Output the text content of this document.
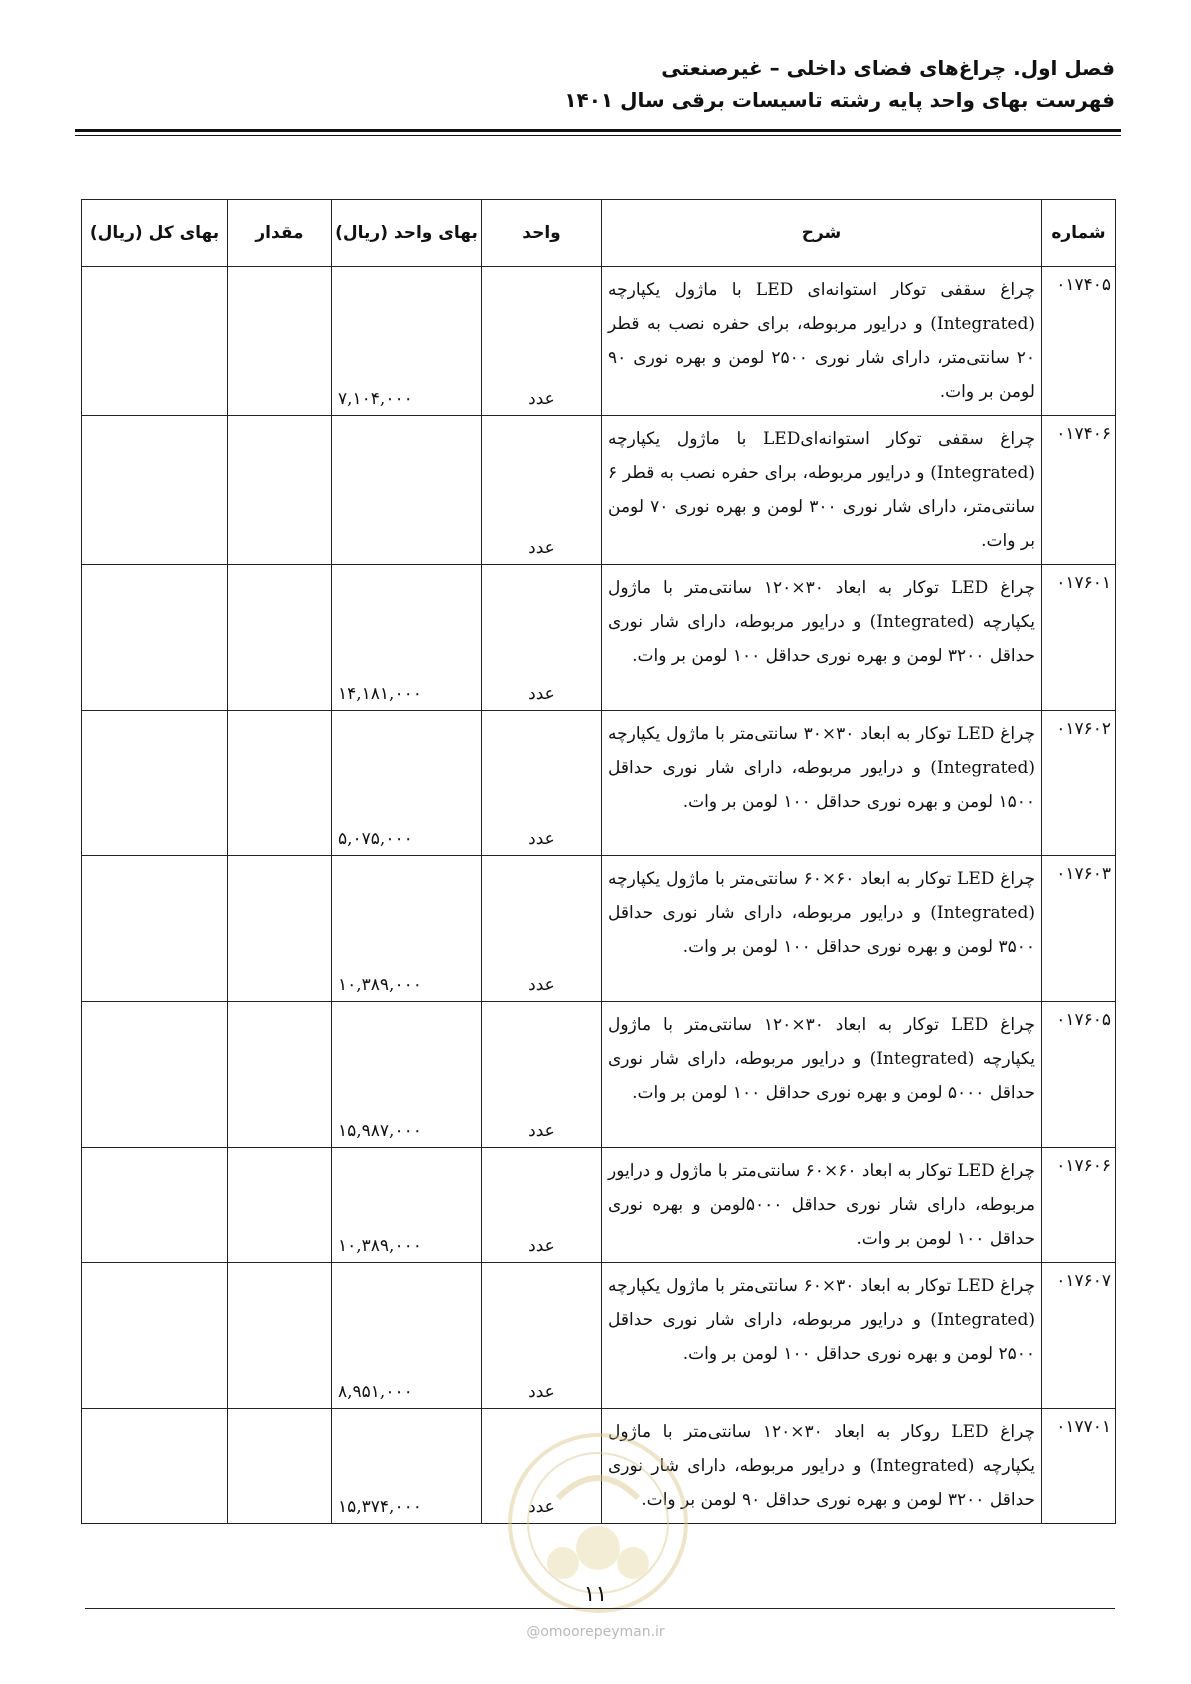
فصل اول. چراغ‌های فضای داخلی – غیرصنعتی

فهرست بهای واحد پایه رشته تاسیسات برقی سال ۱۴۰۱

شماره	شرح	واحد	بهای واحد (ریال)	مقدار	بهای کل (ریال)
۰۱۷۴۰۵	چراغ سقفی توکار استوانه‌ای LED با ماژول یکپارچه (Integrated) و درایور مربوطه، برای حفره نصب به قطر ۲۰ سانتی‌متر، دارای شار نوری ۲۵۰۰ لومن و بهره نوری ۹۰ لومن بر وات.	عدد	۷,۱۰۴,۰۰۰		
۰۱۷۴۰۶	چراغ سقفی توکار استوانه‌ایLED با ماژول یکپارچه (Integrated) و درایور مربوطه، برای حفره نصب به قطر ۶ سانتی‌متر، دارای شار نوری ۳۰۰ لومن و بهره نوری ۷۰ لومن بر وات.	عدد			
۰۱۷۶۰۱	چراغ LED توکار به ابعاد ۳۰×۱۲۰ سانتی‌متر با ماژول یکپارچه (Integrated) و درایور مربوطه، دارای شار نوری حداقل ۳۲۰۰ لومن و بهره نوری حداقل ۱۰۰ لومن بر وات.	عدد	۱۴,۱۸۱,۰۰۰		
۰۱۷۶۰۲	چراغ LED توکار به ابعاد ۳۰×۳۰ سانتی‌متر با ماژول یکپارچه (Integrated) و درایور مربوطه، دارای شار نوری حداقل ۱۵۰۰ لومن و بهره نوری حداقل ۱۰۰ لومن بر وات.	عدد	۵,۰۷۵,۰۰۰		
۰۱۷۶۰۳	چراغ LED توکار به ابعاد ۶۰×۶۰ سانتی‌متر با ماژول یکپارچه (Integrated) و درایور مربوطه، دارای شار نوری حداقل ۳۵۰۰ لومن و بهره نوری حداقل ۱۰۰ لومن بر وات.	عدد	۱۰,۳۸۹,۰۰۰		
۰۱۷۶۰۵	چراغ LED توکار به ابعاد ۳۰×۱۲۰ سانتی‌متر با ماژول یکپارچه (Integrated) و درایور مربوطه، دارای شار نوری حداقل ۵۰۰۰ لومن و بهره نوری حداقل ۱۰۰ لومن بر وات.	عدد	۱۵,۹۸۷,۰۰۰		
۰۱۷۶۰۶	چراغ LED توکار به ابعاد ۶۰×۶۰ سانتی‌متر با ماژول و درایور مربوطه، دارای شار نوری حداقل ۵۰۰۰لومن و بهره نوری حداقل ۱۰۰ لومن بر وات.	عدد	۱۰,۳۸۹,۰۰۰		
۰۱۷۶۰۷	چراغ LED توکار به ابعاد ۳۰×۶۰ سانتی‌متر با ماژول یکپارچه (Integrated) و درایور مربوطه، دارای شار نوری حداقل ۲۵۰۰ لومن و بهره نوری حداقل ۱۰۰ لومن بر وات.	عدد	۸,۹۵۱,۰۰۰		
۰۱۷۷۰۱	چراغ LED روکار به ابعاد ۳۰×۱۲۰ سانتی‌متر با ماژول یکپارچه (Integrated) و درایور مربوطه، دارای شار نوری حداقل ۳۲۰۰ لومن و بهره نوری حداقل ۹۰ لومن بر وات.	عدد	۱۵,۳۷۴,۰۰۰		
۱۱
@omoorepeyman.ir
